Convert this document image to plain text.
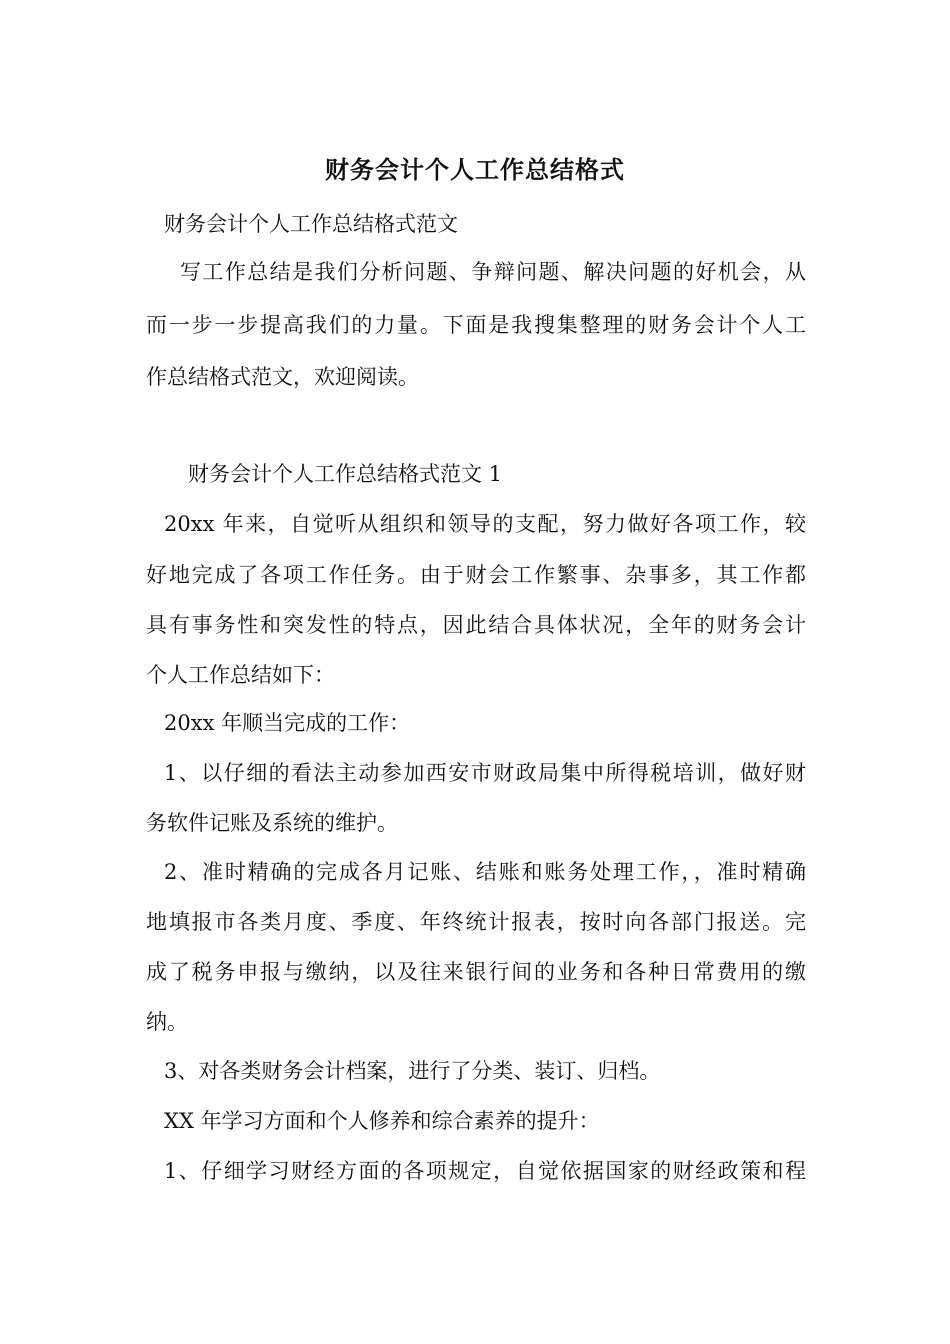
财务会计个人工作总结格式
财务会计个人工作总结格式范文
写工作总结是我们分析问题、争辩问题、解决问题的好机会，从
而一步一步提高我们的力量。下面是我搜集整理的财务会计个人工
作总结格式范文，欢迎阅读。
财务会计个人工作总结格式范文 1
20xx 年来，自觉听从组织和领导的支配，努力做好各项工作，较
好地完成了各项工作任务。由于财会工作繁事、杂事多，其工作都
具有事务性和突发性的特点，因此结合具体状况，全年的财务会计
个人工作总结如下：
20xx 年顺当完成的工作：
1、以仔细的看法主动参加西安市财政局集中所得税培训，做好财
务软件记账及系统的维护。
2、准时精确的完成各月记账、结账和账务处理工作，，准时精确
地填报市各类月度、季度、年终统计报表，按时向各部门报送。完
成了税务申报与缴纳，以及往来银行间的业务和各种日常费用的缴
纳。
3、对各类财务会计档案，进行了分类、装订、归档。
XX 年学习方面和个人修养和综合素养的提升：
1、仔细学习财经方面的各项规定，自觉依据国家的财经政策和程
